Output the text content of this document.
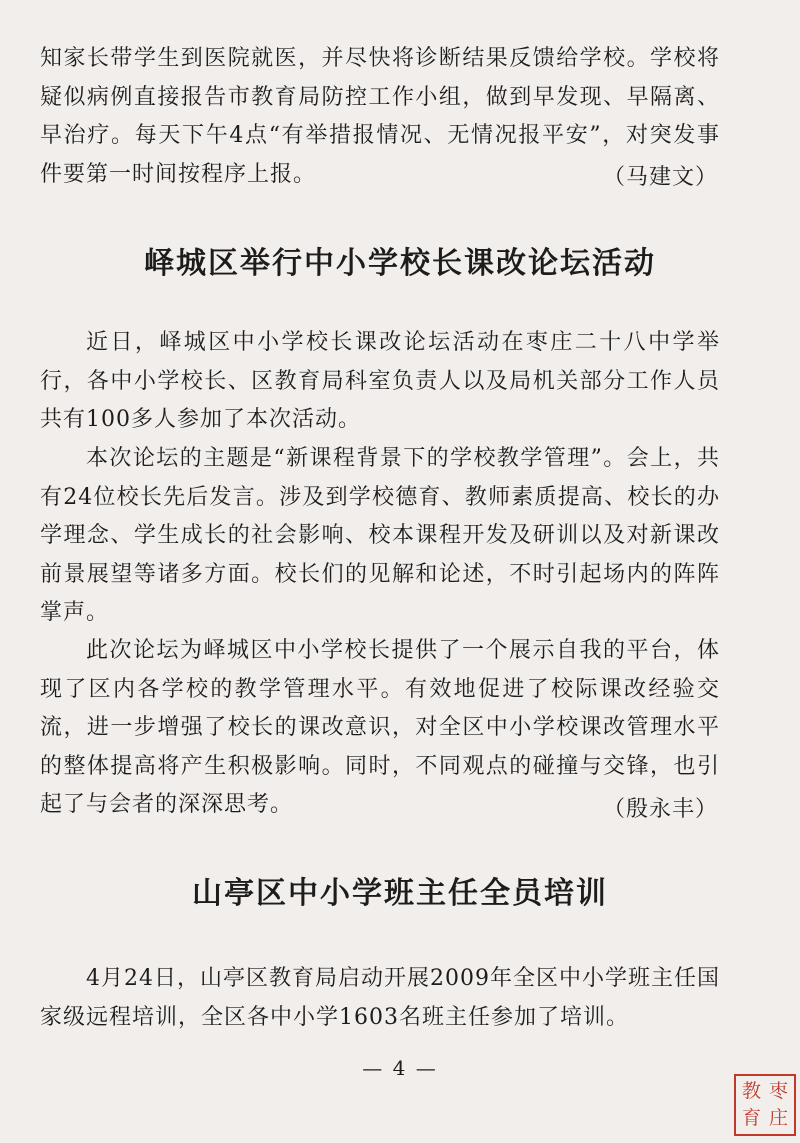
知家长带学生到医院就医，并尽快将诊断结果反馈给学校。学校将疑似病例直接报告市教育局防控工作小组，做到早发现、早隔离、早治疗。每天下午4点“有举措报情况、无情况报平安”，对突发事件要第一时间按程序上报。	（马建文）

峄城区举行中小学校长课改论坛活动

近日，峄城区中小学校长课改论坛活动在枣庄二十八中学举行，各中小学校长、区教育局科室负责人以及局机关部分工作人员共有100多人参加了本次活动。

本次论坛的主题是“新课程背景下的学校教学管理”。会上，共有24位校长先后发言。涉及到学校德育、教师素质提高、校长的办学理念、学生成长的社会影响、校本课程开发及研训以及对新课改前景展望等诸多方面。校长们的见解和论述，不时引起场内的阵阵掌声。

此次论坛为峄城区中小学校长提供了一个展示自我的平台，体现了区内各学校的教学管理水平。有效地促进了校际课改经验交流，进一步增强了校长的课改意识，对全区中小学校课改管理水平的整体提高将产生积极影响。同时，不同观点的碰撞与交锋，也引起了与会者的深深思考。	（殷永丰）

山亭区中小学班主任全员培训

4月24日，山亭区教育局启动开展2009年全区中小学班主任国家级远程培训，全区各中小学1603名班主任参加了培训。

— 4 —
枣
庄
教
育
